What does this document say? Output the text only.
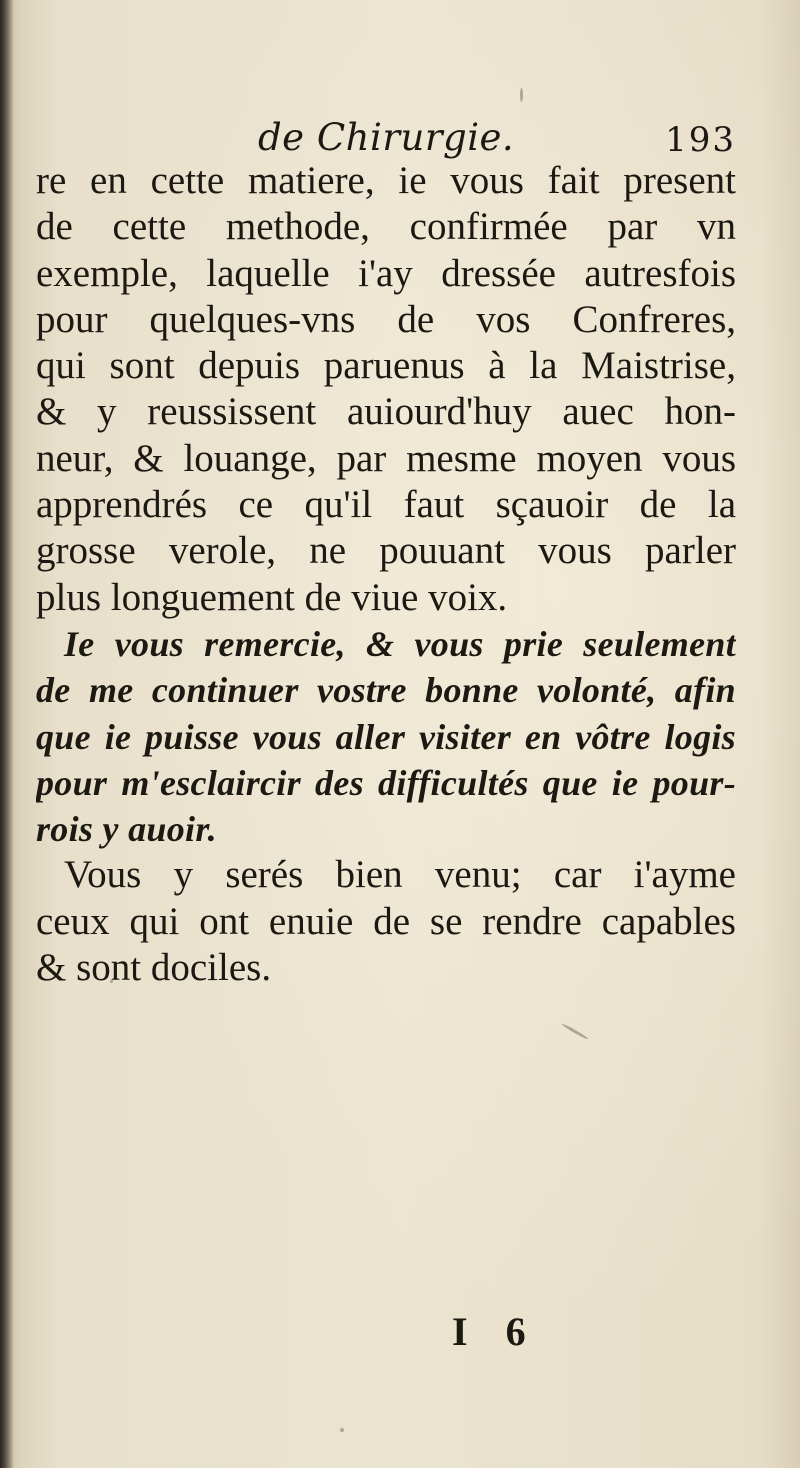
de Chirurgie.	193
re en cette matiere, ie vous fait present
de cette methode, confirmée par vn
exemple, laquelle i'ay dressée autresfois
pour quelques-vns de vos Confreres,
qui sont depuis paruenus à la Maistrise,
& y reussissent auiourd'huy auec hon-
neur, & louange, par mesme moyen vous
apprendrés ce qu'il faut sçauoir de la
grosse verole, ne pouuant vous parler
plus longuement de viue voix.
Ie vous remercie, & vous prie seulement
de me continuer vostre bonne volonté, afin
que ie puisse vous aller visiter en vôtre logis
pour m'esclaircir des difficultés que ie pour-
rois y auoir.
Vous y serés bien venu; car i'ayme
ceux qui ont enuie de se rendre capables
& sont dociles.
I 6
